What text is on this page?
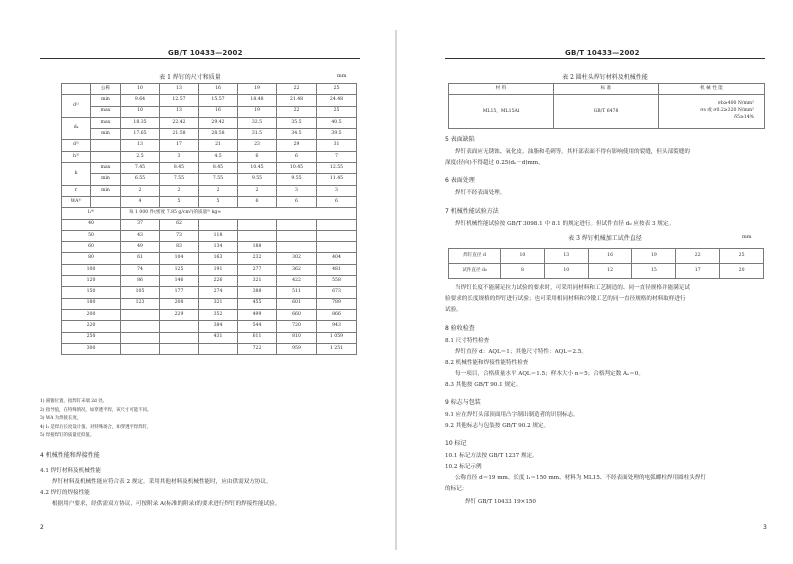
GB/T 10433—2002
表 1 焊钉的尺寸和质量	mm
	公称	10	13	16	19	22	25
d¹⁾	min	9.64	12.57	15.57	18.48	21.48	24.48
	max	10	13	16	19	22	25
dₖ	max	18.35	22.42	29.42	32.5	35.5	40.5
	min	17.65	21.58	28.58	31.5	34.5	39.5
d²⁾		13	17	21	23	29	31
h³⁾		2.5	3	4.5	6	6	7
k	max	7.45	8.45	8.45	10.45	10.45	12.55
	min	6.55	7.55	7.55	9.55	9.55	11.45
r	min	2	2	2	2	3	3
WA³⁾		4	5	5	6	6	6
l₁⁴⁾		每 1 000 件(密度 7.85 g/cm³)的质量⁵⁾ kg≈					
40		37	62				
50		43	73	118			
60		49	83	134	188		
80		61	104	163	232	302	404
100		74	125	191	277	362	481
120		86	146	226	321	422	558
150		105	177	274	388	511	673
180		123	208	321	455	601	789
200			229	352	499	660	866
220				384	544	720	943
250				431	611	810	1 059
300					722	959	1 251
1) 圆锥位置，指焊钉末端 2d 处。
2) 指导值，在特殊情况，如穿透平焊，该尺寸可能不同。
3) WA 为焊接长度。
4) l₁ 是焊后长度设计值，对特殊场合，如穿透平焊焊钉，
5) 焊接焊钉的质量近似值。
4 机械性能和焊接性能
4.1 焊钉材料及机械性能
焊钉材料及机械性能应符合表 2 规定。采用其他材料及机械性能时，应由供需双方协议。
4.2 焊钉的焊接性能
根据用户要求，经供需双方协议，可按附录 A(标准的附录)的要求进行焊钉的焊接性能试验。
2
GB/T 10433—2002
表 2 圆柱头焊钉材料及机械性能
材 料	标 准	机 械 性 能
ML15，ML15Al	GB/T 6478	σb≥400 N/mm²
σs 或 σ0.2≥320 N/mm²
δ5≥14%
5 表面缺陷
焊钉表面应无锈蚀、氧化皮、油脂和毛刺等。其杆部表面不得有影响使用的裂缝，但头部裂缝的
深度(径向)不得超过 0.25(dₖ－d)mm。
6 表面处理
焊钉不经表面处理。
7 机械性能试验方法
焊钉机械性能试验按 GB/T 3098.1 中 8.1 的规定进行。但试件直径 d₀ 应按表 3 规定。
表 3 焊钉机械加工试件直径	mm
焊钉直径 d	10	13	16	19	22	25
试件直径 d₀	8	10	12	15	17	20
当焊钉长度不能满足拉力试验的要求时，可采用同材料和工艺制造的、同一直径规格并能满足试
验要求的长度规格的焊钉进行试验；也可采用相同材料和冷镦工艺的同一直径规格的材料取样进行
试验。
8 验收检查
8.1 尺寸特性检查
焊钉直径 d：AQL＝1；其他尺寸特性：AQL＝2.5。
8.2 机械性能和焊接性能特性检查
每一项目，合格质量水平 AQL＝1.5；样本大小 n＝5；合格判定数 Aₑ＝0。
8.3 其他按 GB/T 90.1 规定。
9 标志与包装
9.1 应在焊钉头部顶面用凸字制出制造者的识别标志。
9.2 其他标志与包装按 GB/T 90.2 规定。
10 标记
10.1 标记方法按 GB/T 1237 规定。
10.2 标记示例
公称直径 d＝19 mm、长度 l₁＝150 mm、材料为 ML15、不经表面处理的电弧螺柱焊用圆柱头焊钉
的标记：
焊钉 GB/T 10433 19×150
3
